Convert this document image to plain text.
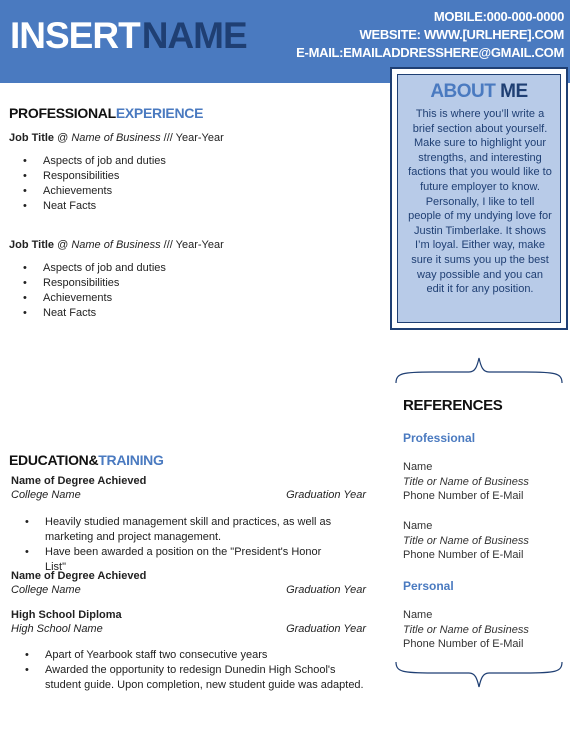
INSERTNAME	MOBILE:000-000-0000
WEBSITE: WWW.[URLHERE].COM
E-MAIL:EMAILADDRESSHERE@GMAIL.COM
ABOUT ME
This is where you’ll write a brief section about yourself. Make sure to highlight your strengths, and interesting factions that you would like to future employer to know. Personally, I like to tell people of my undying love for Justin Timberlake. It shows I’m loyal. Either way, make sure it sums you up the best way possible and you can edit it for any position.
PROFESSIONALEXPERIENCE
Job Title @ Name of Business /// Year-Year
• Aspects of job and duties
• Responsibilities
• Achievements
• Neat Facts
Job Title @ Name of Business /// Year-Year
• Aspects of job and duties
• Responsibilities
• Achievements
• Neat Facts
EDUCATION&TRAINING
Name of Degree Achieved
College Name	Graduation Year
• Heavily studied management skill and practices, as well as marketing and project management.
• Have been awarded a position on the "President's Honor List"
Name of Degree Achieved
College Name	Graduation Year
High School Diploma
High School Name	Graduation Year
• Apart of Yearbook staff two consecutive years
• Awarded the opportunity to redesign Dunedin High School's student guide. Upon completion, new student guide was adapted.
REFERENCES
Professional
Name
Title or Name of Business
Phone Number of E-Mail
Name
Title or Name of Business
Phone Number of E-Mail
Personal
Name
Title or Name of Business
Phone Number of E-Mail
